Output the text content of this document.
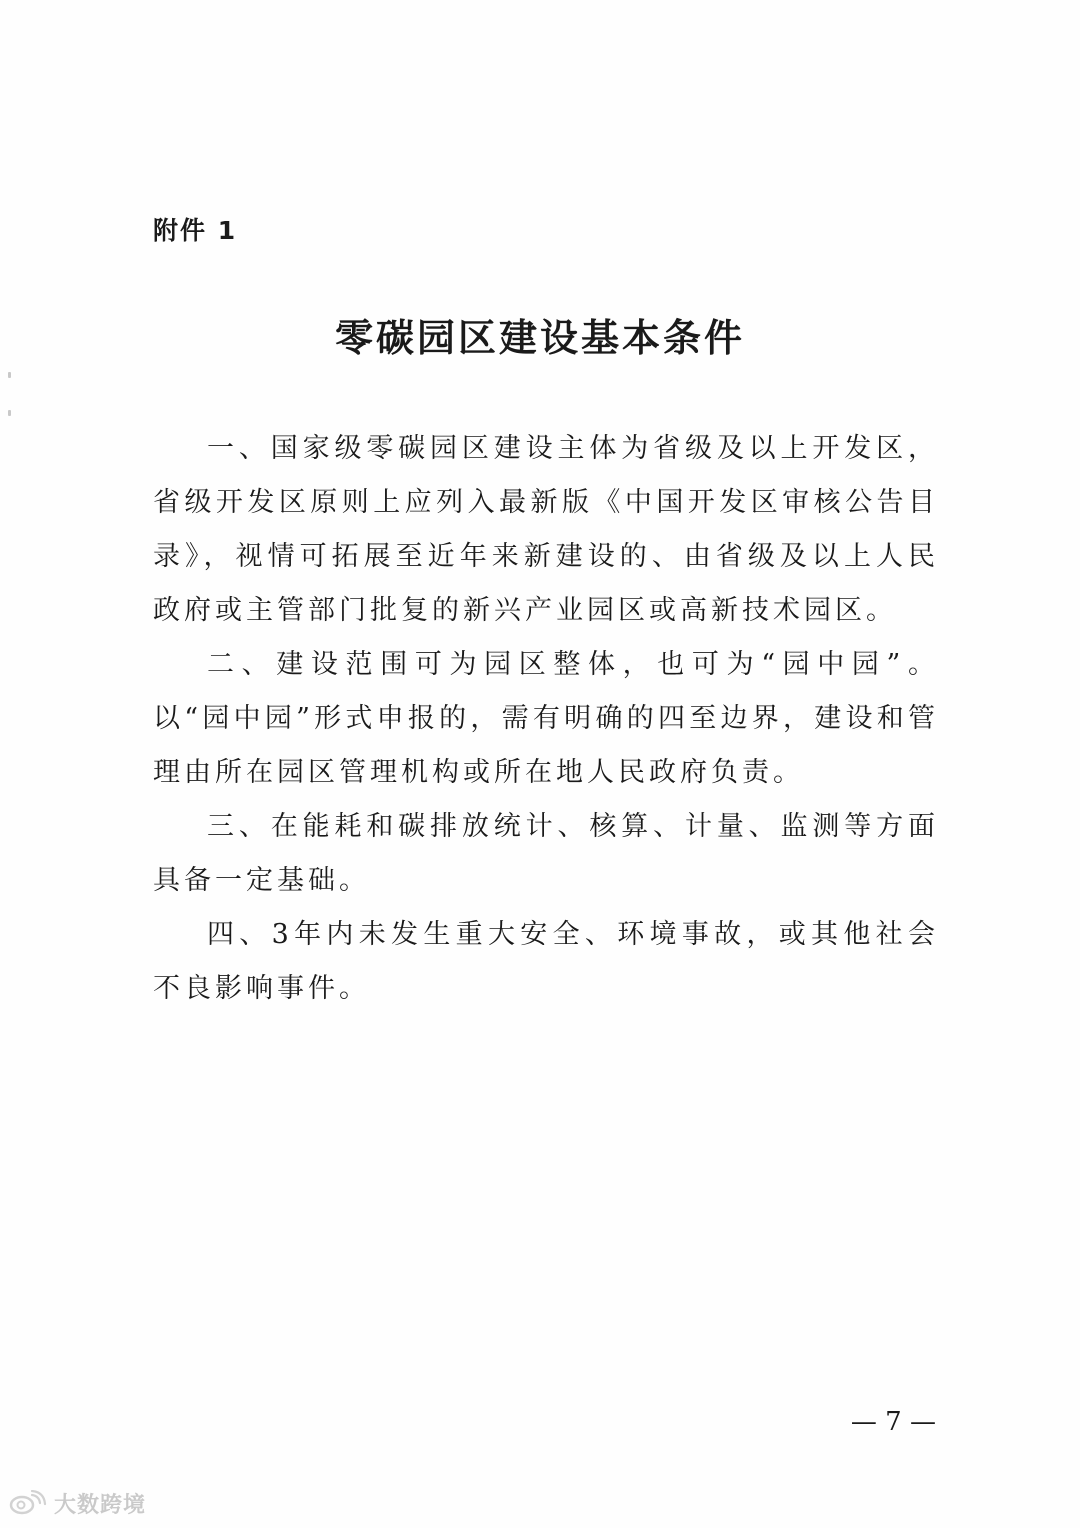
附件 1
零碳园区建设基本条件

一、国家级零碳园区建设主体为省级及以上开发区，省级开发区原则上应列入最新版《中国开发区审核公告目录》，视情可拓展至近年来新建设的、由省级及以上人民政府或主管部门批复的新兴产业园区或高新技术园区。

二、建设范围可为园区整体，也可为“园中园”。以“园中园”形式申报的，需有明确的四至边界，建设和管理由所在园区管理机构或所在地人民政府负责。

三、在能耗和碳排放统计、核算、计量、监测等方面具备一定基础。

四、3年内未发生重大安全、环境事故，或其他社会不良影响事件。

— 7 —
大数跨境
